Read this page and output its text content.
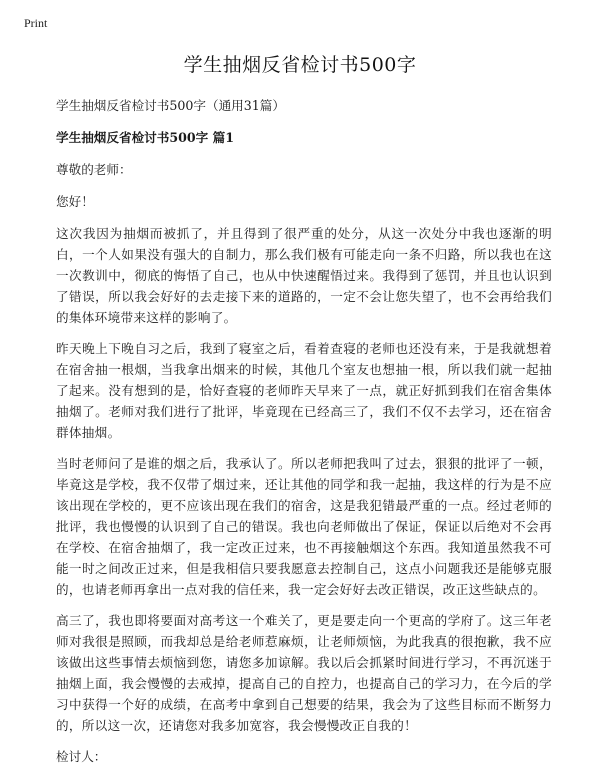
Print
学生抽烟反省检讨书500字

学生抽烟反省检讨书500字（通用31篇）

学生抽烟反省检讨书500字 篇1

尊敬的老师：

您好！

这次我因为抽烟而被抓了，并且得到了很严重的处分，从这一次处分中我也逐渐的明白，一个人如果没有强大的自制力，那么我们极有可能走向一条不归路，所以我也在这一次教训中，彻底的悔悟了自己，也从中快速醒悟过来。我得到了惩罚，并且也认识到了错误，所以我会好好的去走接下来的道路的，一定不会让您失望了，也不会再给我们的集体环境带来这样的影响了。

昨天晚上下晚自习之后，我到了寝室之后，看着查寝的老师也还没有来，于是我就想着在宿舍抽一根烟，当我拿出烟来的时候，其他几个室友也想抽一根，所以我们就一起抽了起来。没有想到的是，恰好查寝的老师昨天早来了一点，就正好抓到我们在宿舍集体抽烟了。老师对我们进行了批评，毕竟现在已经高三了，我们不仅不去学习，还在宿舍群体抽烟。

当时老师问了是谁的烟之后，我承认了。所以老师把我叫了过去，狠狠的批评了一顿，毕竟这是学校，我不仅带了烟过来，还让其他的同学和我一起抽，我这样的行为是不应该出现在学校的，更不应该出现在我们的宿舍，这是我犯错最严重的一点。经过老师的批评，我也慢慢的认识到了自己的错误。我也向老师做出了保证，保证以后绝对不会再在学校、在宿舍抽烟了，我一定改正过来，也不再接触烟这个东西。我知道虽然我不可能一时之间改正过来，但是我相信只要我愿意去控制自己，这点小问题我还是能够克服的，也请老师再拿出一点对我的信任来，我一定会好好去改正错误，改正这些缺点的。

高三了，我也即将要面对高考这一个难关了，更是要走向一个更高的学府了。这三年老师对我很是照顾，而我却总是给老师惹麻烦，让老师烦恼，为此我真的很抱歉，我不应该做出这些事情去烦恼到您，请您多加谅解。我以后会抓紧时间进行学习，不再沉迷于抽烟上面，我会慢慢的去戒掉，提高自己的自控力，也提高自己的学习力，在今后的学习中获得一个好的成绩，在高考中拿到自己想要的结果，我会为了这些目标而不断努力的，所以这一次，还请您对我多加宽容，我会慢慢改正自我的！

检讨人：
